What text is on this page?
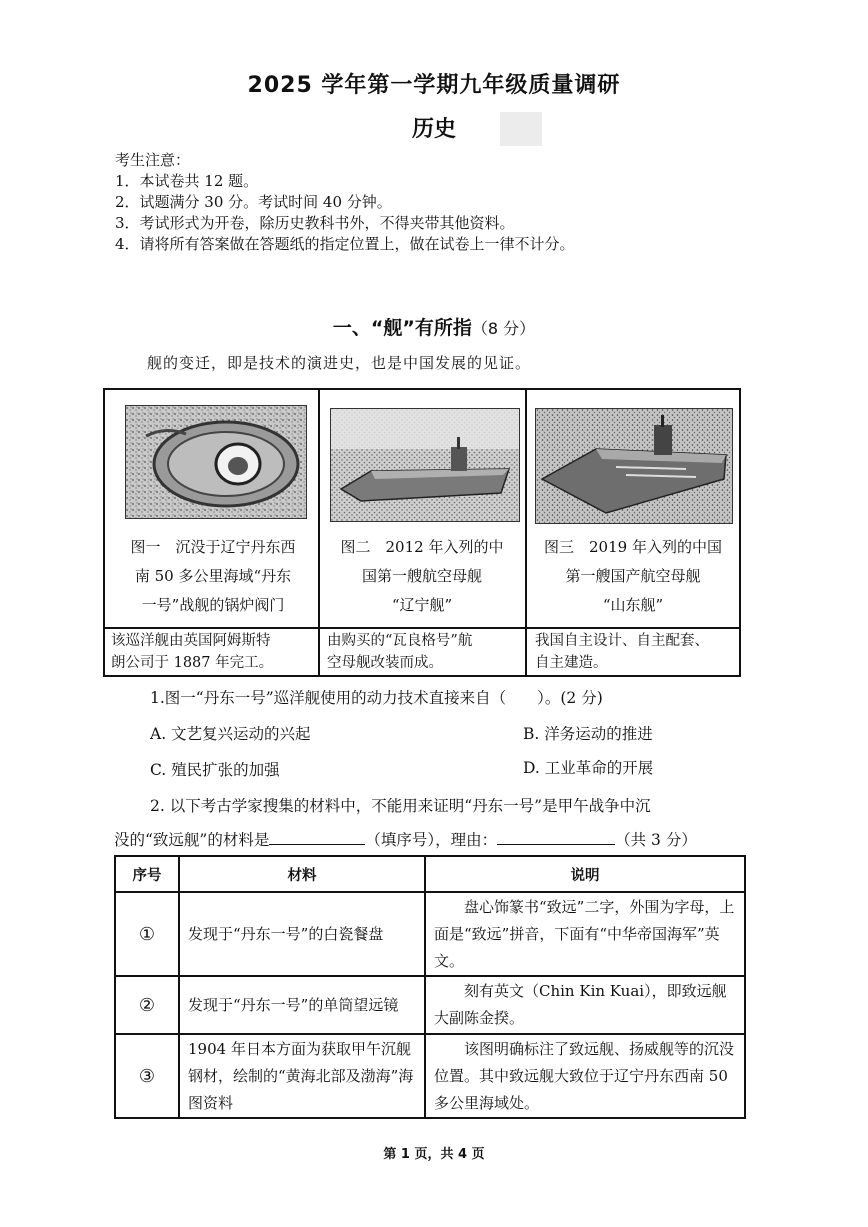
2025 学年第一学期九年级质量调研
历史
考生注意：
1．本试卷共 12 题。
2．试题满分 30 分。考试时间 40 分钟。
3．考试形式为开卷，除历史教科书外，不得夹带其他资料。
4．请将所有答案做在答题纸的指定位置上，做在试卷上一律不计分。
一、“舰”有所指（8 分）
舰的变迁，即是技术的演进史，也是中国发展的见证。
图一　沉没于辽宁丹东西
南 50 多公里海域“丹东
一号”战舰的锅炉阀门
该巡洋舰由英国阿姆斯特
朗公司于 1887 年完工。
图二　2012 年入列的中
国第一艘航空母舰
“辽宁舰”
由购买的“瓦良格号”航
空母舰改装而成。
图三　2019 年入列的中国
第一艘国产航空母舰
“山东舰”
我国自主设计、自主配套、
自主建造。
1.图一“丹东一号”巡洋舰使用的动力技术直接来自（　　）。(2 分)
A. 文艺复兴运动的兴起	B. 洋务运动的推进
C. 殖民扩张的加强	D. 工业革命的开展
2. 以下考古学家搜集的材料中，不能用来证明“丹东一号”是甲午战争中沉
没的“致远舰”的材料是	（填序号），理由：	（共 3 分）
序号	材料	说明
①	发现于“丹东一号”的白瓷餐盘	盘心饰篆书“致远”二字，外围为字母，上面是“致远”拼音，下面有“中华帝国海军”英文。
②	发现于“丹东一号”的单筒望远镜	刻有英文（Chin Kin Kuai），即致远舰大副陈金揆。
③	1904 年日本方面为获取甲午沉舰钢材，绘制的“黄海北部及渤海”海图资料	该图明确标注了致远舰、扬威舰等的沉没位置。其中致远舰大致位于辽宁丹东西南 50 多公里海域处。
第 1 页，共 4 页
